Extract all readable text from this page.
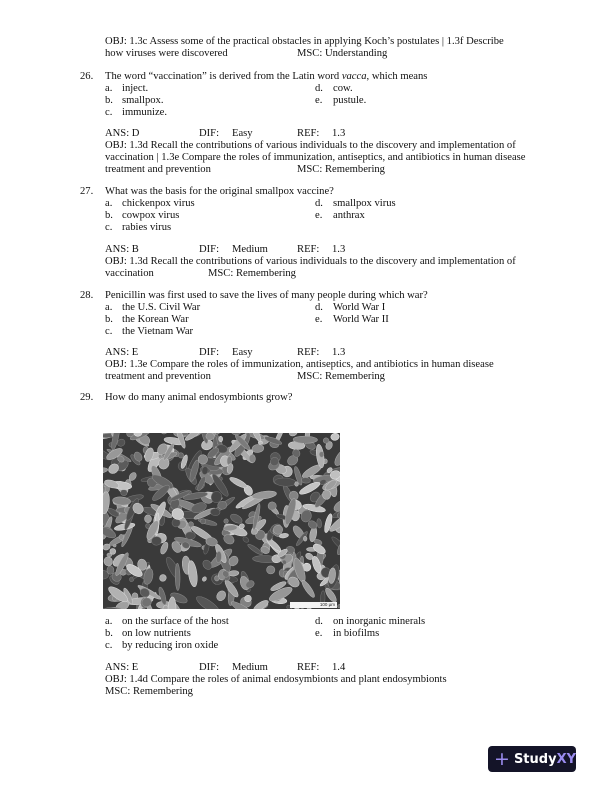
OBJ: 1.3c Assess some of the practical obstacles in applying Koch’s postulates | 1.3f Describe
how viruses were discovered	MSC: Understanding
26. The word “vaccination” is derived from the Latin word vacca, which means
a. inject.
b. smallpox.
c. immunize.
d. cow.
e. pustule.
ANS: D	DIF: Easy	REF: 1.3
OBJ: 1.3d Recall the contributions of various individuals to the discovery and implementation of
vaccination | 1.3e Compare the roles of immunization, antiseptics, and antibiotics in human disease
treatment and prevention	MSC: Remembering
27. What was the basis for the original smallpox vaccine?
a. chickenpox virus
b. cowpox virus
c. rabies virus
d. smallpox virus
e. anthrax
ANS: B	DIF: Medium	REF: 1.3
OBJ: 1.3d Recall the contributions of various individuals to the discovery and implementation of
vaccination	MSC: Remembering
28. Penicillin was first used to save the lives of many people during which war?
a. the U.S. Civil War
b. the Korean War
c. the Vietnam War
d. World War I
e. World War II
ANS: E	DIF: Easy	REF: 1.3
OBJ: 1.3e Compare the roles of immunization, antiseptics, and antibiotics in human disease
treatment and prevention	MSC: Remembering
29. How do many animal endosymbionts grow?
100 µm
a. on the surface of the host
b. on low nutrients
c. by reducing iron oxide
d. on inorganic minerals
e. in biofilms
ANS: E	DIF: Medium	REF: 1.4
OBJ: 1.4d Compare the roles of animal endosymbionts and plant endosymbionts
MSC: Remembering
+ Study XY
